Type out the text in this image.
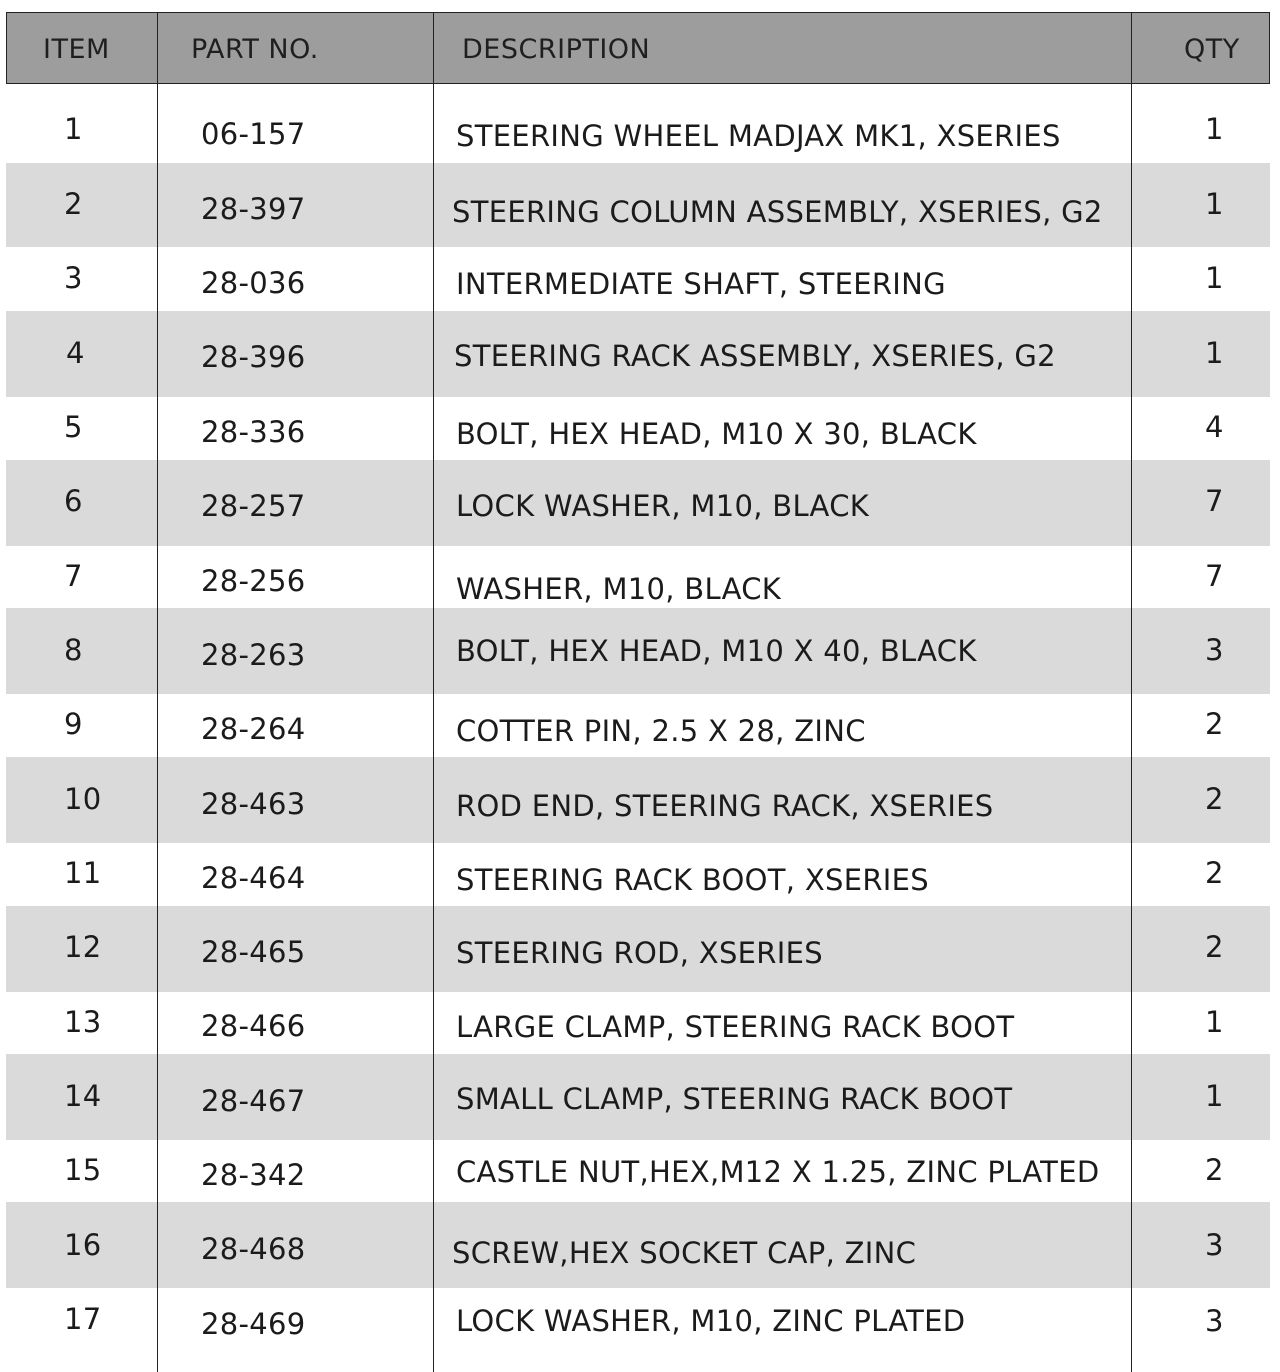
ITEM	PART NO.	DESCRIPTION	QTY
1	06-157	STEERING WHEEL MADJAX MK1, XSERIES	1
2	28-397	STEERING COLUMN ASSEMBLY, XSERIES, G2	1
3	28-036	INTERMEDIATE SHAFT, STEERING	1
4	28-396	STEERING RACK ASSEMBLY, XSERIES, G2	1
5	28-336	BOLT, HEX HEAD, M10 X 30, BLACK	4
6	28-257	LOCK WASHER, M10, BLACK	7
7	28-256	WASHER, M10, BLACK	7
8	28-263	BOLT, HEX HEAD, M10 X 40, BLACK	3
9	28-264	COTTER PIN, 2.5 X 28, ZINC	2
10	28-463	ROD END, STEERING RACK, XSERIES	2
11	28-464	STEERING RACK BOOT, XSERIES	2
12	28-465	STEERING ROD, XSERIES	2
13	28-466	LARGE CLAMP, STEERING RACK BOOT	1
14	28-467	SMALL CLAMP, STEERING RACK BOOT	1
15	28-342	CASTLE NUT,HEX,M12 X 1.25, ZINC PLATED	2
16	28-468	SCREW,HEX SOCKET CAP, ZINC	3
17	28-469	LOCK WASHER, M10, ZINC PLATED	3
